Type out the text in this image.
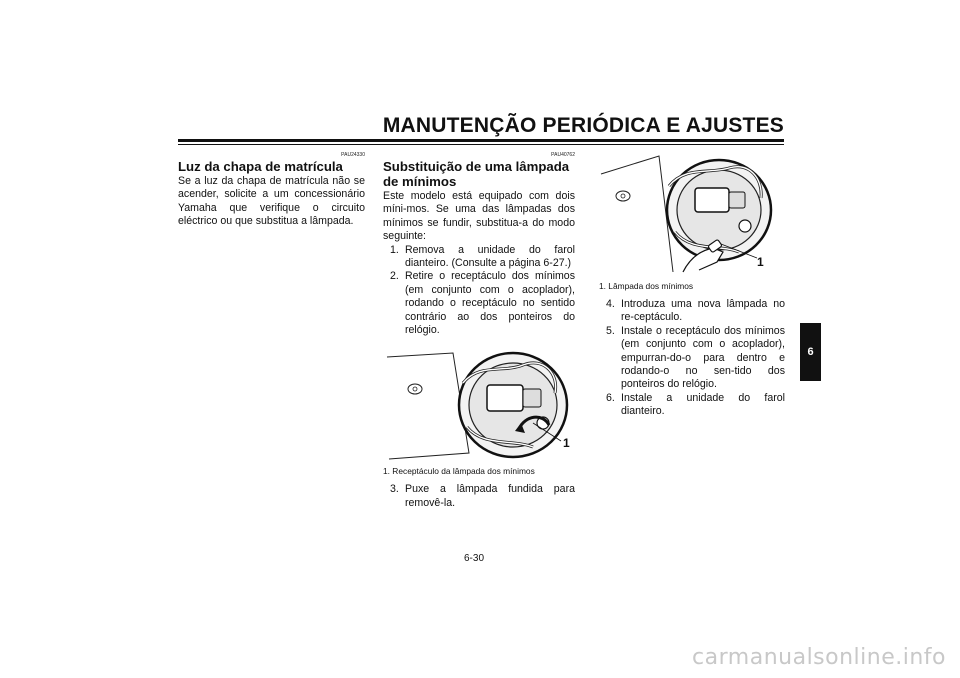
MANUTENÇÃO PERIÓDICA E AJUSTES
PAU24330
Luz da chapa de matrícula

Se a luz da chapa de matrícula não se acender, solicite a um concessionário Yamaha que verifique o circuito eléctrico ou que substitua a lâmpada.

PAU40762
Substituição de uma lâmpada de mínimos

Este modelo está equipado com dois míni-mos. Se uma das lâmpadas dos mínimos se fundir, substitua-a do modo seguinte:

1. Remova a unidade do farol dianteiro. (Consulte a página 6-27.)
2. Retire o receptáculo dos mínimos (em conjunto com o acoplador), rodando o receptáculo no sentido contrário ao dos ponteiros do relógio.
1
1. Receptáculo da lâmpada dos mínimos
3. Puxe a lâmpada fundida para removê-la.
1
1. Lâmpada dos mínimos
4. Introduza uma nova lâmpada no re-ceptáculo.
5. Instale o receptáculo dos mínimos (em conjunto com o acoplador), empurran-do-o para dentro e rodando-o no sen-tido dos ponteiros do relógio.
6. Instale a unidade do farol dianteiro.
6
6-30
carmanualsonline.info
